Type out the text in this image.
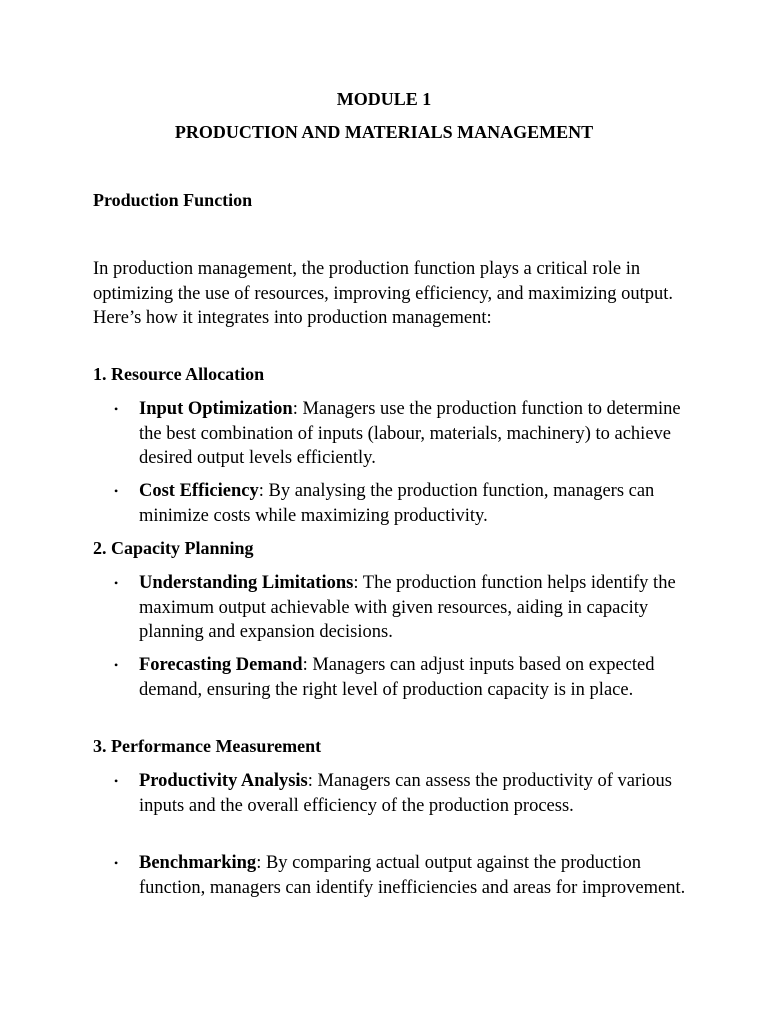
MODULE 1
PRODUCTION AND MATERIALS MANAGEMENT
Production Function
In production management, the production function plays a critical role in optimizing the use of resources, improving efficiency, and maximizing output. Here’s how it integrates into production management:
1. Resource Allocation
• Input Optimization: Managers use the production function to determine the best combination of inputs (labour, materials, machinery) to achieve desired output levels efficiently.
• Cost Efficiency: By analysing the production function, managers can minimize costs while maximizing productivity.
2. Capacity Planning
• Understanding Limitations: The production function helps identify the maximum output achievable with given resources, aiding in capacity planning and expansion decisions.
• Forecasting Demand: Managers can adjust inputs based on expected demand, ensuring the right level of production capacity is in place.
3. Performance Measurement
• Productivity Analysis: Managers can assess the productivity of various inputs and the overall efficiency of the production process.
• Benchmarking: By comparing actual output against the production function, managers can identify inefficiencies and areas for improvement.
